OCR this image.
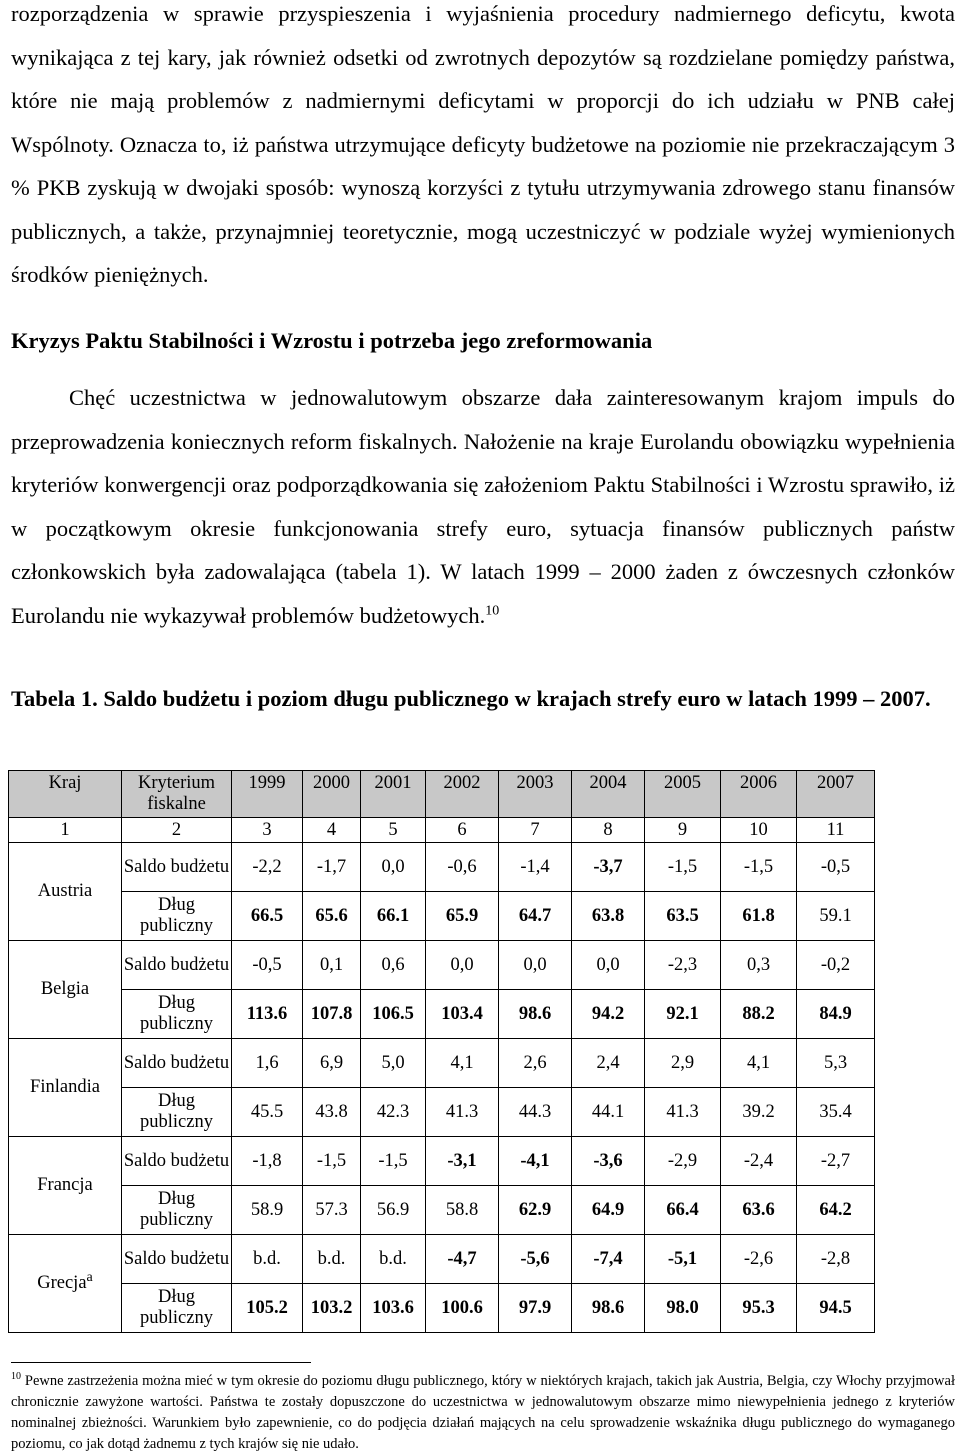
rozporządzenia w sprawie przyspieszenia i wyjaśnienia procedury nadmiernego deficytu, kwota wynikająca z tej kary, jak również odsetki od zwrotnych depozytów są rozdzielane pomiędzy państwa, które nie mają problemów z nadmiernymi deficytami w proporcji do ich udziału w PNB całej Wspólnoty. Oznacza to, iż państwa utrzymujące deficyty budżetowe na poziomie nie przekraczającym 3 % PKB zyskują w dwojaki sposób: wynoszą korzyści z tytułu utrzymywania zdrowego stanu finansów publicznych, a także, przynajmniej teoretycznie, mogą uczestniczyć w podziale wyżej wymienionych środków pieniężnych.
Kryzys Paktu Stabilności i Wzrostu i potrzeba jego zreformowania
Chęć uczestnictwa w jednowalutowym obszarze dała zainteresowanym krajom impuls do przeprowadzenia koniecznych reform fiskalnych. Nałożenie na kraje Eurolandu obowiązku wypełnienia kryteriów konwergencji oraz podporządkowania się założeniom Paktu Stabilności i Wzrostu sprawiło, iż w początkowym okresie funkcjonowania strefy euro, sytuacja finansów publicznych państw członkowskich była zadowalająca (tabela 1). W latach 1999 – 2000 żaden z ówczesnych członków Eurolandu nie wykazywał problemów budżetowych.$^{10}$
Tabela 1. Saldo budżetu i poziom długu publicznego w krajach strefy euro w latach 1999 – 2007.
Kraj	Kryterium fiskalne	1999	2000	2001	2002	2003	2004	2005	2006	2007
1	2	3	4	5	6	7	8	9	10	11
Austria	Saldo budżetu	-2,2	-1,7	0,0	-0,6	-1,4	-3,7	-1,5	-1,5	-0,5
	Dług publiczny	66.5	65.6	66.1	65.9	64.7	63.8	63.5	61.8	59.1
Belgia	Saldo budżetu	-0,5	0,1	0,6	0,0	0,0	0,0	-2,3	0,3	-0,2
	Dług publiczny	113.6	107.8	106.5	103.4	98.6	94.2	92.1	88.2	84.9
Finlandia	Saldo budżetu	1,6	6,9	5,0	4,1	2,6	2,4	2,9	4,1	5,3
	Dług publiczny	45.5	43.8	42.3	41.3	44.3	44.1	41.3	39.2	35.4
Francja	Saldo budżetu	-1,8	-1,5	-1,5	-3,1	-4,1	-3,6	-2,9	-2,4	-2,7
	Dług publiczny	58.9	57.3	56.9	58.8	62.9	64.9	66.4	63.6	64.2
Grecja$^a$	Saldo budżetu	b.d.	b.d.	b.d.	-4,7	-5,6	-7,4	-5,1	-2,6	-2,8
	Dług publiczny	105.2	103.2	103.6	100.6	97.9	98.6	98.0	95.3	94.5
$^{10}$ Pewne zastrzeżenia można mieć w tym okresie do poziomu długu publicznego, który w niektórych krajach, takich jak Austria, Belgia, czy Włochy przyjmował chronicznie zawyżone wartości. Państwa te zostały dopuszczone do uczestnictwa w jednowalutowym obszarze mimo niewypełnienia jednego z kryteriów nominalnej zbieżności. Warunkiem było zapewnienie, co do podjęcia działań mających na celu sprowadzenie wskaźnika długu publicznego do wymaganego poziomu, co jak dotąd żadnemu z tych krajów się nie udało.
